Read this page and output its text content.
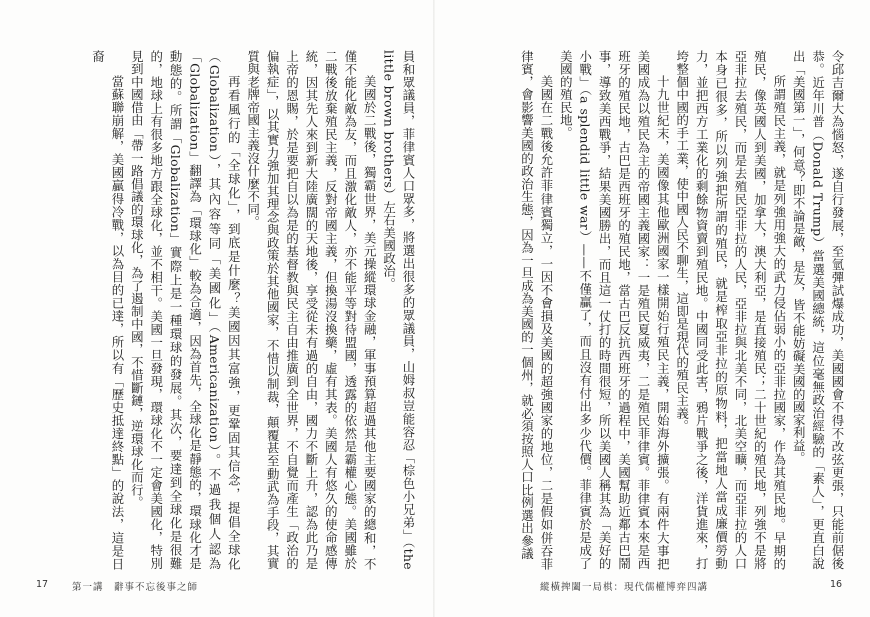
員和眾議員，菲律賓人口眾多，將選出很多的眾議員，山姆叔豈能容忍「棕色小兄弟」（the little brown brothers）左右美國政治。

美國於二戰後，獨霸世界，美元操縱環球金融，軍事預算超過其他主要國家的總和，不僅不能化敵為友，而且激化敵人，亦不能平等對待盟國，透露的依然是霸權心態。美國雖於二戰後放棄殖民主義，反對帝國主義，但換湯沒換藥，虛有其表。美國人有悠久的使命感傳統，因其先人來到新大陸廣闊的天地後，享受從未有過的自由，國力不斷上升，認為此乃是上帝的恩賜，於是要把自以為是的基督教與民主自由推廣到全世界，不自覺而產生「政治的偏執症」，以其實力強加其理念與政策於其他國家，不惜以制裁，顛覆甚至動武為手段，其實質與老牌帝國主義沒什麼不同。

再看風行的「全球化」，到底是什麼？美國因其富強，更鞏固其信念，提倡全球化（Globalization），其內容等同「美國化」（Americanization）。不過我個人認為「Globalization」翻譯為「環球化」較為合適，因為首先，全球化是靜態的，環球化才是動態的。所謂「Globalization」實際上是一種環球的發展。其次，要達到全球化是很難的，地球上有很多地方跟全球化，並不相干。美國一旦發現，環球化不一定會美國化，特別見到中國借由「帶一路倡議的環球化，為了遏制中國，不惜斷鏈，逆環球化而行。

當蘇聯崩解，美國贏得冷戰，以為目的已達，所以有「歷史抵達終點」的說法，這是日裔

17	第一講　辭事不忘後事之師

令邱吉爾大為惱怒，遂自行發展，至氫彈試爆成功，美國國會不得不改弦更張，只能前倨後恭。近年川普（Donald Trump）當選美國總統，這位毫無政治經驗的「素人」，更直白說出「美國第一」，何意？即不論是敵，是友，皆不能妨礙美國的國家利益。

所謂殖民主義，就是列強用強大的武力侵佔弱小的亞非拉國家，作為其殖民地。早期的殖民，像英國人到美國，加拿大，澳大利亞，是直接殖民；二十世紀的殖民地，列強不是將亞非拉去殖民，而是去殖民亞非拉的人民，亞非拉與北美不同，北美空曠，而亞非拉的人口本身已很多，所以列強把所謂的殖民，就是榨取亞非拉的原物料，把當地人當成廉價勞動力，並把西方工業化的剩餘物資賣到殖民地。中國同受此害，鴉片戰爭之後，洋貨進來，打垮整個中國的手工業，使中國人民不聊生，這即是現代的殖民主義。

十九世紀末，美國像其他歐洲國家一樣開始行殖民主義，開始海外擴張。有兩件大事把美國成為以殖民為主的帝國主義國家：一是殖民夏威夷，二是殖民菲律賓。菲律賓本來是西班牙的殖民地，古巴是西班牙的殖民地，當古巴反抗西班牙的過程中，美國幫助近鄰古巴鬧事，導致美西戰爭，結果美國勝出，而且這一仗打的時間很短，所以美國人稱其為「美好的小戰」（a splendid little war）——不僅贏了，而且沒有付出多少代價。菲律賓於是成了美國的殖民地。

美國在二戰後允許菲律賓獨立，一因不會損及美國的超強國家的地位，二是假如併吞菲律賓，會影響美國的政治生態，因為一旦成為美國的一個州，就必須按照人口比例選出參議

縱橫捭闔一局棋：現代儒權博弈四講	16
